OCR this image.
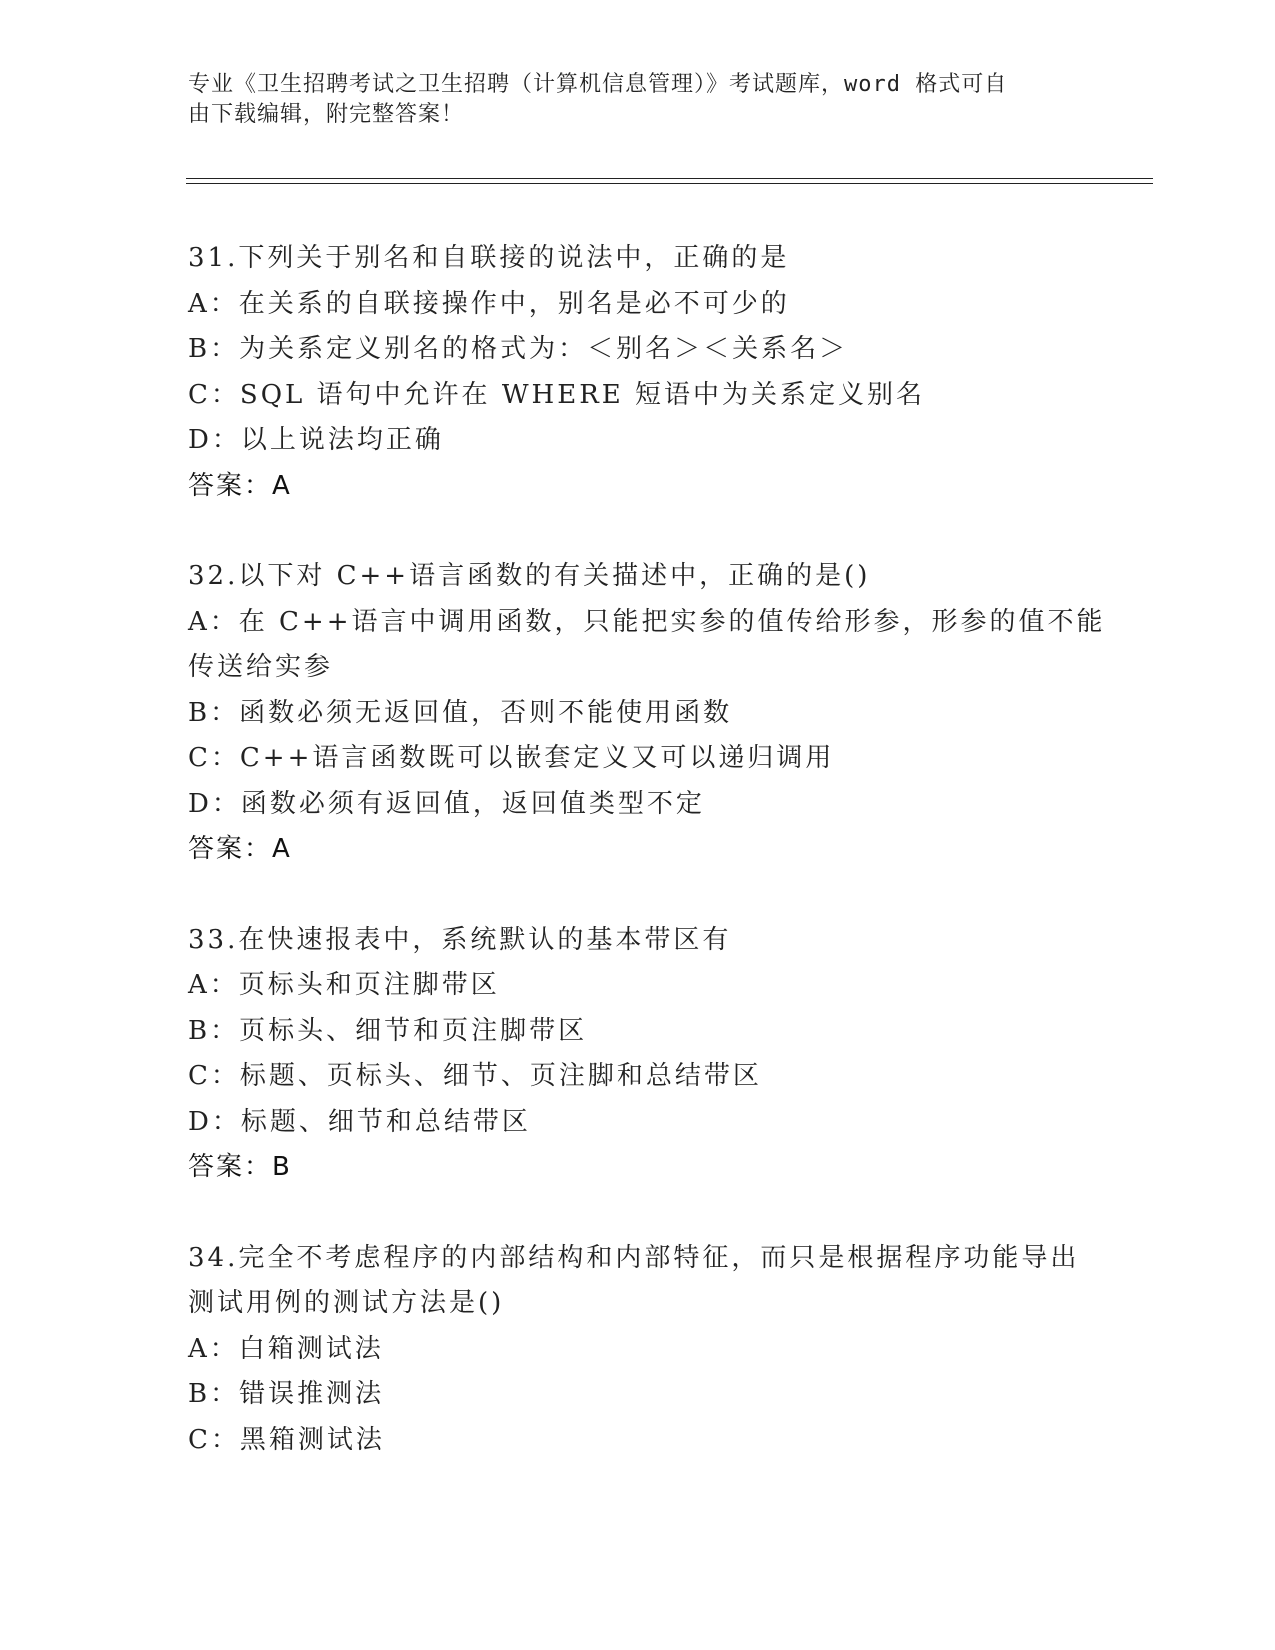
专业《卫生招聘考试之卫生招聘（计算机信息管理）》考试题库，word 格式可自
由下载编辑，附完整答案！
31.下列关于别名和自联接的说法中，正确的是
A：在关系的自联接操作中，别名是必不可少的
B：为关系定义别名的格式为：＜别名＞＜关系名＞
C：SQL 语句中允许在 WHERE 短语中为关系定义别名
D：以上说法均正确
答案：A
32.以下对 C++语言函数的有关描述中，正确的是()
A：在 C++语言中调用函数，只能把实参的值传给形参，形参的值不能
传送给实参
B：函数必须无返回值，否则不能使用函数
C：C++语言函数既可以嵌套定义又可以递归调用
D：函数必须有返回值，返回值类型不定
答案：A
33.在快速报表中，系统默认的基本带区有
A：页标头和页注脚带区
B：页标头、细节和页注脚带区
C：标题、页标头、细节、页注脚和总结带区
D：标题、细节和总结带区
答案：B
34.完全不考虑程序的内部结构和内部特征，而只是根据程序功能导出
测试用例的测试方法是()
A：白箱测试法
B：错误推测法
C：黑箱测试法
